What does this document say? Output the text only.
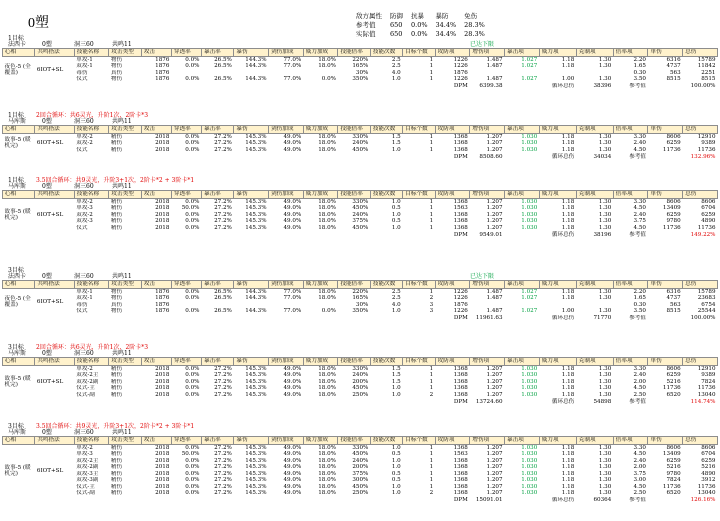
0塑
		敌方属性	防御	抗暴	暴防	免伤
	参考值	650	0.0%	34.4%	28.3%
	实际值	650	0.0%	34.4%	28.3%
1目标
法西卡	0塑	洞三60	共鸣11	已达下限
心相	共鸣搭法	技能名称	攻击类型	攻击	穿透率	暴击率	暴伤	剑伤加成	威力加成	技能倍率	技能次数	目标个数	攻防项	增伤项	暴击项	威力项	克制项	倍率项	单伤	总伤
夜色-5 (全覆盖)	6IOT+SL	单攻-1	物伤	1876	0.0%	26.5%	144.3%	77.0%	18.0%	220%	2.5	1	1226	1.487	1.027	1.18	1.30	2.20	6316	15789
		双攻-1	物伤	1876	0.0%	26.5%	144.3%	77.0%	18.0%	165%	2.5	1	1226	1.487	1.027	1.18	1.30	1.65	4737	11842
		毒伤	真伤	1876						30%	4.0	1	1876					0.30	563	2251
		仪式	物伤	1876	0.0%	26.5%	144.3%	77.0%	0.0%	350%	1.0	1	1226	1.487	1.027	1.00	1.30	3.50	8515	8515
												DPM		6399.38	循环总伤		38396	参考值	100.00%	
1目标 2回合循环：共6灵光，升阶1次，2阶卡*3
马库斯	0塑	洞三60	共鸣11
心相	共鸣搭法	技能名称	攻击类型	攻击	穿透率	暴击率	暴伤	剑伤加成	威力加成	技能倍率	技能次数	目标个数	攻防项	增伤项	暴击项	威力项	克制项	倍率项	单伤	总伤
故事-5 (暖机完)	6IOT+SL	单攻-2	精伤	2018	0.0%	27.2%	145.3%	49.0%	18.0%	330%	1.5	1	1368	1.207	1.030	1.18	1.30	3.30	8606	12910
		双攻-2	精伤	2018	0.0%	27.2%	145.3%	49.0%	18.0%	240%	1.5	1	1368	1.207	1.030	1.18	1.30	2.40	6259	9389
		仪式	精伤	2018	0.0%	27.2%	145.3%	49.0%	18.0%	450%	1.0	1	1368	1.207	1.030	1.18	1.30	4.50	11736	11736
												DPM		8508.60	循环总伤		34034	参考值	132.96%	
1目标 3.5回合循环：共9灵光，升阶3+1次，2阶卡*2 + 3阶卡*1
马库斯	0塑	洞三60	共鸣11
心相	共鸣搭法	技能名称	攻击类型	攻击	穿透率	暴击率	暴伤	剑伤加成	威力加成	技能倍率	技能次数	目标个数	攻防项	增伤项	暴击项	威力项	克制项	倍率项	单伤	总伤
故事-5 (暖机完)	6IOT+SL	单攻-2	精伤	2018	0.0%	27.2%	145.3%	49.0%	18.0%	330%	1.0	1	1368	1.207	1.030	1.18	1.30	3.30	8606	8606
		单攻-3	精伤	2018	50.0%	27.2%	145.3%	49.0%	18.0%	450%	0.5	1	1563	1.207	1.030	1.18	1.30	4.50	13409	6704
		双攻-2	精伤	2018	0.0%	27.2%	145.3%	49.0%	18.0%	240%	1.0	1	1368	1.207	1.030	1.18	1.30	2.40	6259	6259
		双攻-3	精伤	2018	0.0%	27.2%	145.3%	49.0%	18.0%	375%	0.5	1	1368	1.207	1.030	1.18	1.30	3.75	9780	4890
		仪式	精伤	2018	0.0%	27.2%	145.3%	49.0%	18.0%	450%	1.0	1	1368	1.207	1.030	1.18	1.30	4.50	11736	11736
												DPM		9549.01	循环总伤		38196	参考值	149.22%	
3目标
法西卡	0塑	洞三60	共鸣11	已达下限
心相	共鸣搭法	技能名称	攻击类型	攻击	穿透率	暴击率	暴伤	剑伤加成	威力加成	技能倍率	技能次数	目标个数	攻防项	增伤项	暴击项	威力项	克制项	倍率项	单伤	总伤
夜色-5 (全覆盖)	6IOT+SL	单攻-1	物伤	1876	0.0%	26.5%	144.3%	77.0%	18.0%	220%	2.5	1	1226	1.487	1.027	1.18	1.30	2.20	6316	15789
		双攻-1	物伤	1876	0.0%	26.5%	144.3%	77.0%	18.0%	165%	2.5	2	1226	1.487	1.027	1.18	1.30	1.65	4737	23683
		毒伤	真伤	1876						30%	4.0	3	1876					0.30	563	6754
		仪式	物伤	1876	0.0%	26.5%	144.3%	77.0%	0.0%	350%	1.0	3	1226	1.487	1.027	1.00	1.30	3.50	8515	25544
												DPM		11961.63	循环总伤		71770	参考值	100.00%	
3目标 2回合循环：共6灵光，升阶1次，2阶卡*3
马库斯	0塑	洞三60	共鸣11
心相	共鸣搭法	技能名称	攻击类型	攻击	穿透率	暴击率	暴伤	剑伤加成	威力加成	技能倍率	技能次数	目标个数	攻防项	增伤项	暴击项	威力项	克制项	倍率项	单伤	总伤
故事-5 (暖机完)	6IOT+SL	单攻-2	精伤	2018	0.0%	27.2%	145.3%	49.0%	18.0%	330%	1.5	1	1368	1.207	1.030	1.18	1.30	3.30	8606	12910
		双攻-2主	精伤	2018	0.0%	27.2%	145.3%	49.0%	18.0%	240%	1.5	1	1368	1.207	1.030	1.18	1.30	2.40	6259	9389
		双攻-2副	精伤	2018	0.0%	27.2%	145.3%	49.0%	18.0%	200%	1.5	1	1368	1.207	1.030	1.18	1.30	2.00	5216	7824
		仪式-主	精伤	2018	0.0%	27.2%	145.3%	49.0%	18.0%	450%	1.0	1	1368	1.207	1.030	1.18	1.30	4.50	11736	11736
		仪式-副	精伤	2018	0.0%	27.2%	145.3%	49.0%	18.0%	250%	1.0	2	1368	1.207	1.030	1.18	1.30	2.50	6520	13040
												DPM		13724.60	循环总伤		54898	参考值	114.74%	
3目标 3.5回合循环：共9灵光，升阶3+1次，2阶卡*2 + 3阶卡*1
马库斯	0塑	洞三60	共鸣11
心相	共鸣搭法	技能名称	攻击类型	攻击	穿透率	暴击率	暴伤	剑伤加成	威力加成	技能倍率	技能次数	目标个数	攻防项	增伤项	暴击项	威力项	克制项	倍率项	单伤	总伤
故事-5 (暖机完)	6IOT+SL	单攻-2	精伤	2018	0.0%	27.2%	145.3%	49.0%	18.0%	330%	1.0	1	1368	1.207	1.030	1.18	1.30	3.30	8606	8606
		单攻-3	精伤	2018	50.0%	27.2%	145.3%	49.0%	18.0%	450%	0.5	1	1563	1.207	1.030	1.18	1.30	4.50	13409	6704
		双攻-2主	精伤	2018	0.0%	27.2%	145.3%	49.0%	18.0%	240%	1.0	1	1368	1.207	1.030	1.18	1.30	2.40	6259	6259
		双攻-2副	精伤	2018	0.0%	27.2%	145.3%	49.0%	18.0%	200%	1.0	1	1368	1.207	1.030	1.18	1.30	2.00	5216	5216
		双攻-3主	精伤	2018	0.0%	27.2%	145.3%	49.0%	18.0%	375%	0.5	1	1368	1.207	1.030	1.18	1.30	3.75	9780	4890
		双攻-3副	精伤	2018	0.0%	27.2%	145.3%	49.0%	18.0%	300%	0.5	1	1368	1.207	1.030	1.18	1.30	3.00	7824	3912
		仪式-主	精伤	2018	0.0%	27.2%	145.3%	49.0%	18.0%	450%	1.0	1	1368	1.207	1.030	1.18	1.30	4.50	11736	11736
		仪式-副	精伤	2018	0.0%	27.2%	145.3%	49.0%	18.0%	250%	1.0	2	1368	1.207	1.030	1.18	1.30	2.50	6520	13040
												DPM		15091.01	循环总伤		60364	参考值	126.16%	
